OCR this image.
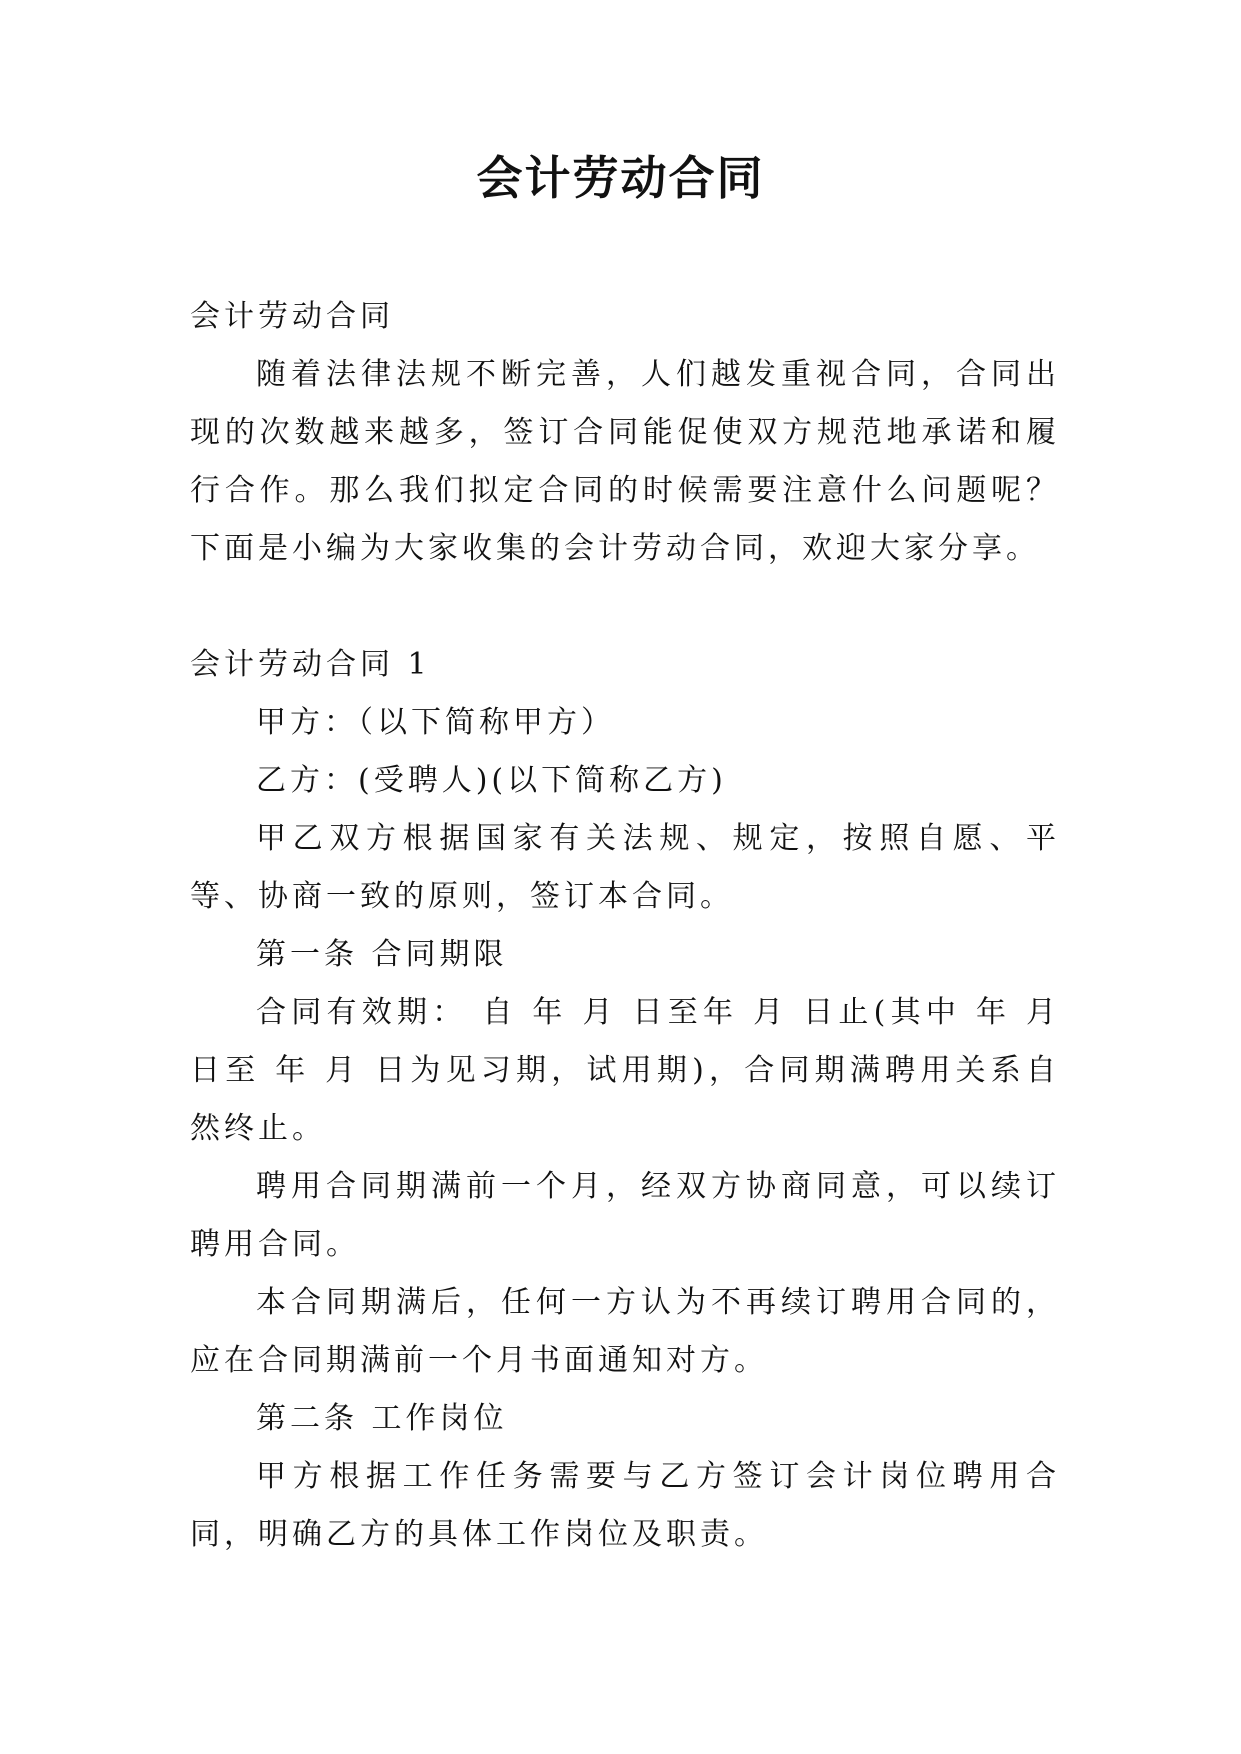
会计劳动合同

会计劳动合同

随着法律法规不断完善，人们越发重视合同，合同出现的次数越来越多，签订合同能促使双方规范地承诺和履行合作。那么我们拟定合同的时候需要注意什么问题呢？下面是小编为大家收集的会计劳动合同，欢迎大家分享。

会计劳动合同 1

甲方：（以下简称甲方）

乙方：(受聘人)(以下简称乙方)

甲乙双方根据国家有关法规、规定，按照自愿、平等、协商一致的原则，签订本合同。

第一条 合同期限

合同有效期： 自 年 月 日至年 月 日止(其中 年 月 日至 年 月 日为见习期，试用期)，合同期满聘用关系自然终止。

聘用合同期满前一个月，经双方协商同意，可以续订聘用合同。

本合同期满后，任何一方认为不再续订聘用合同的，应在合同期满前一个月书面通知对方。

第二条 工作岗位

甲方根据工作任务需要与乙方签订会计岗位聘用合同，明确乙方的具体工作岗位及职责。
